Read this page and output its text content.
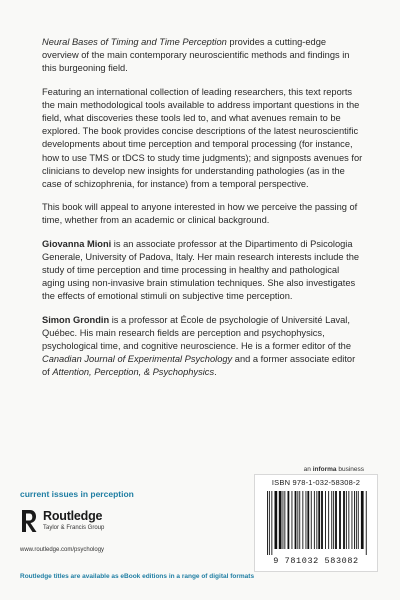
Neural Bases of Timing and Time Perception provides a cutting-edge overview of the main contemporary neuroscientific methods and findings in this burgeoning field.

Featuring an international collection of leading researchers, this text reports the main methodological tools available to address important questions in the field, what discoveries these tools led to, and what avenues remain to be explored. The book provides concise descriptions of the latest neuroscientific developments about time perception and temporal processing (for instance, how to use TMS or tDCS to study time judgments); and signposts avenues for clinicians to develop new insights for understanding pathologies (as in the case of schizophrenia, for instance) from a temporal perspective.

This book will appeal to anyone interested in how we perceive the passing of time, whether from an academic or clinical background.

Giovanna Mioni is an associate professor at the Dipartimento di Psicologia Generale, University of Padova, Italy. Her main research interests include the study of time perception and time processing in healthy and pathological aging using non-invasive brain stimulation techniques. She also investigates the effects of emotional stimuli on subjective time perception.

Simon Grondin is a professor at École de psychologie of Université Laval, Québec. His main research fields are perception and psychophysics, psychological time, and cognitive neuroscience. He is a former editor of the Canadian Journal of Experimental Psychology and a former associate editor of Attention, Perception, & Psychophysics.

an informa business
current issues in perception
Routledge
Taylor & Francis Group
www.routledge.com/psychology
Routledge titles are available as eBook editions in a range of digital formats
ISBN 978-1-032-58308-2
9 781032 583082
